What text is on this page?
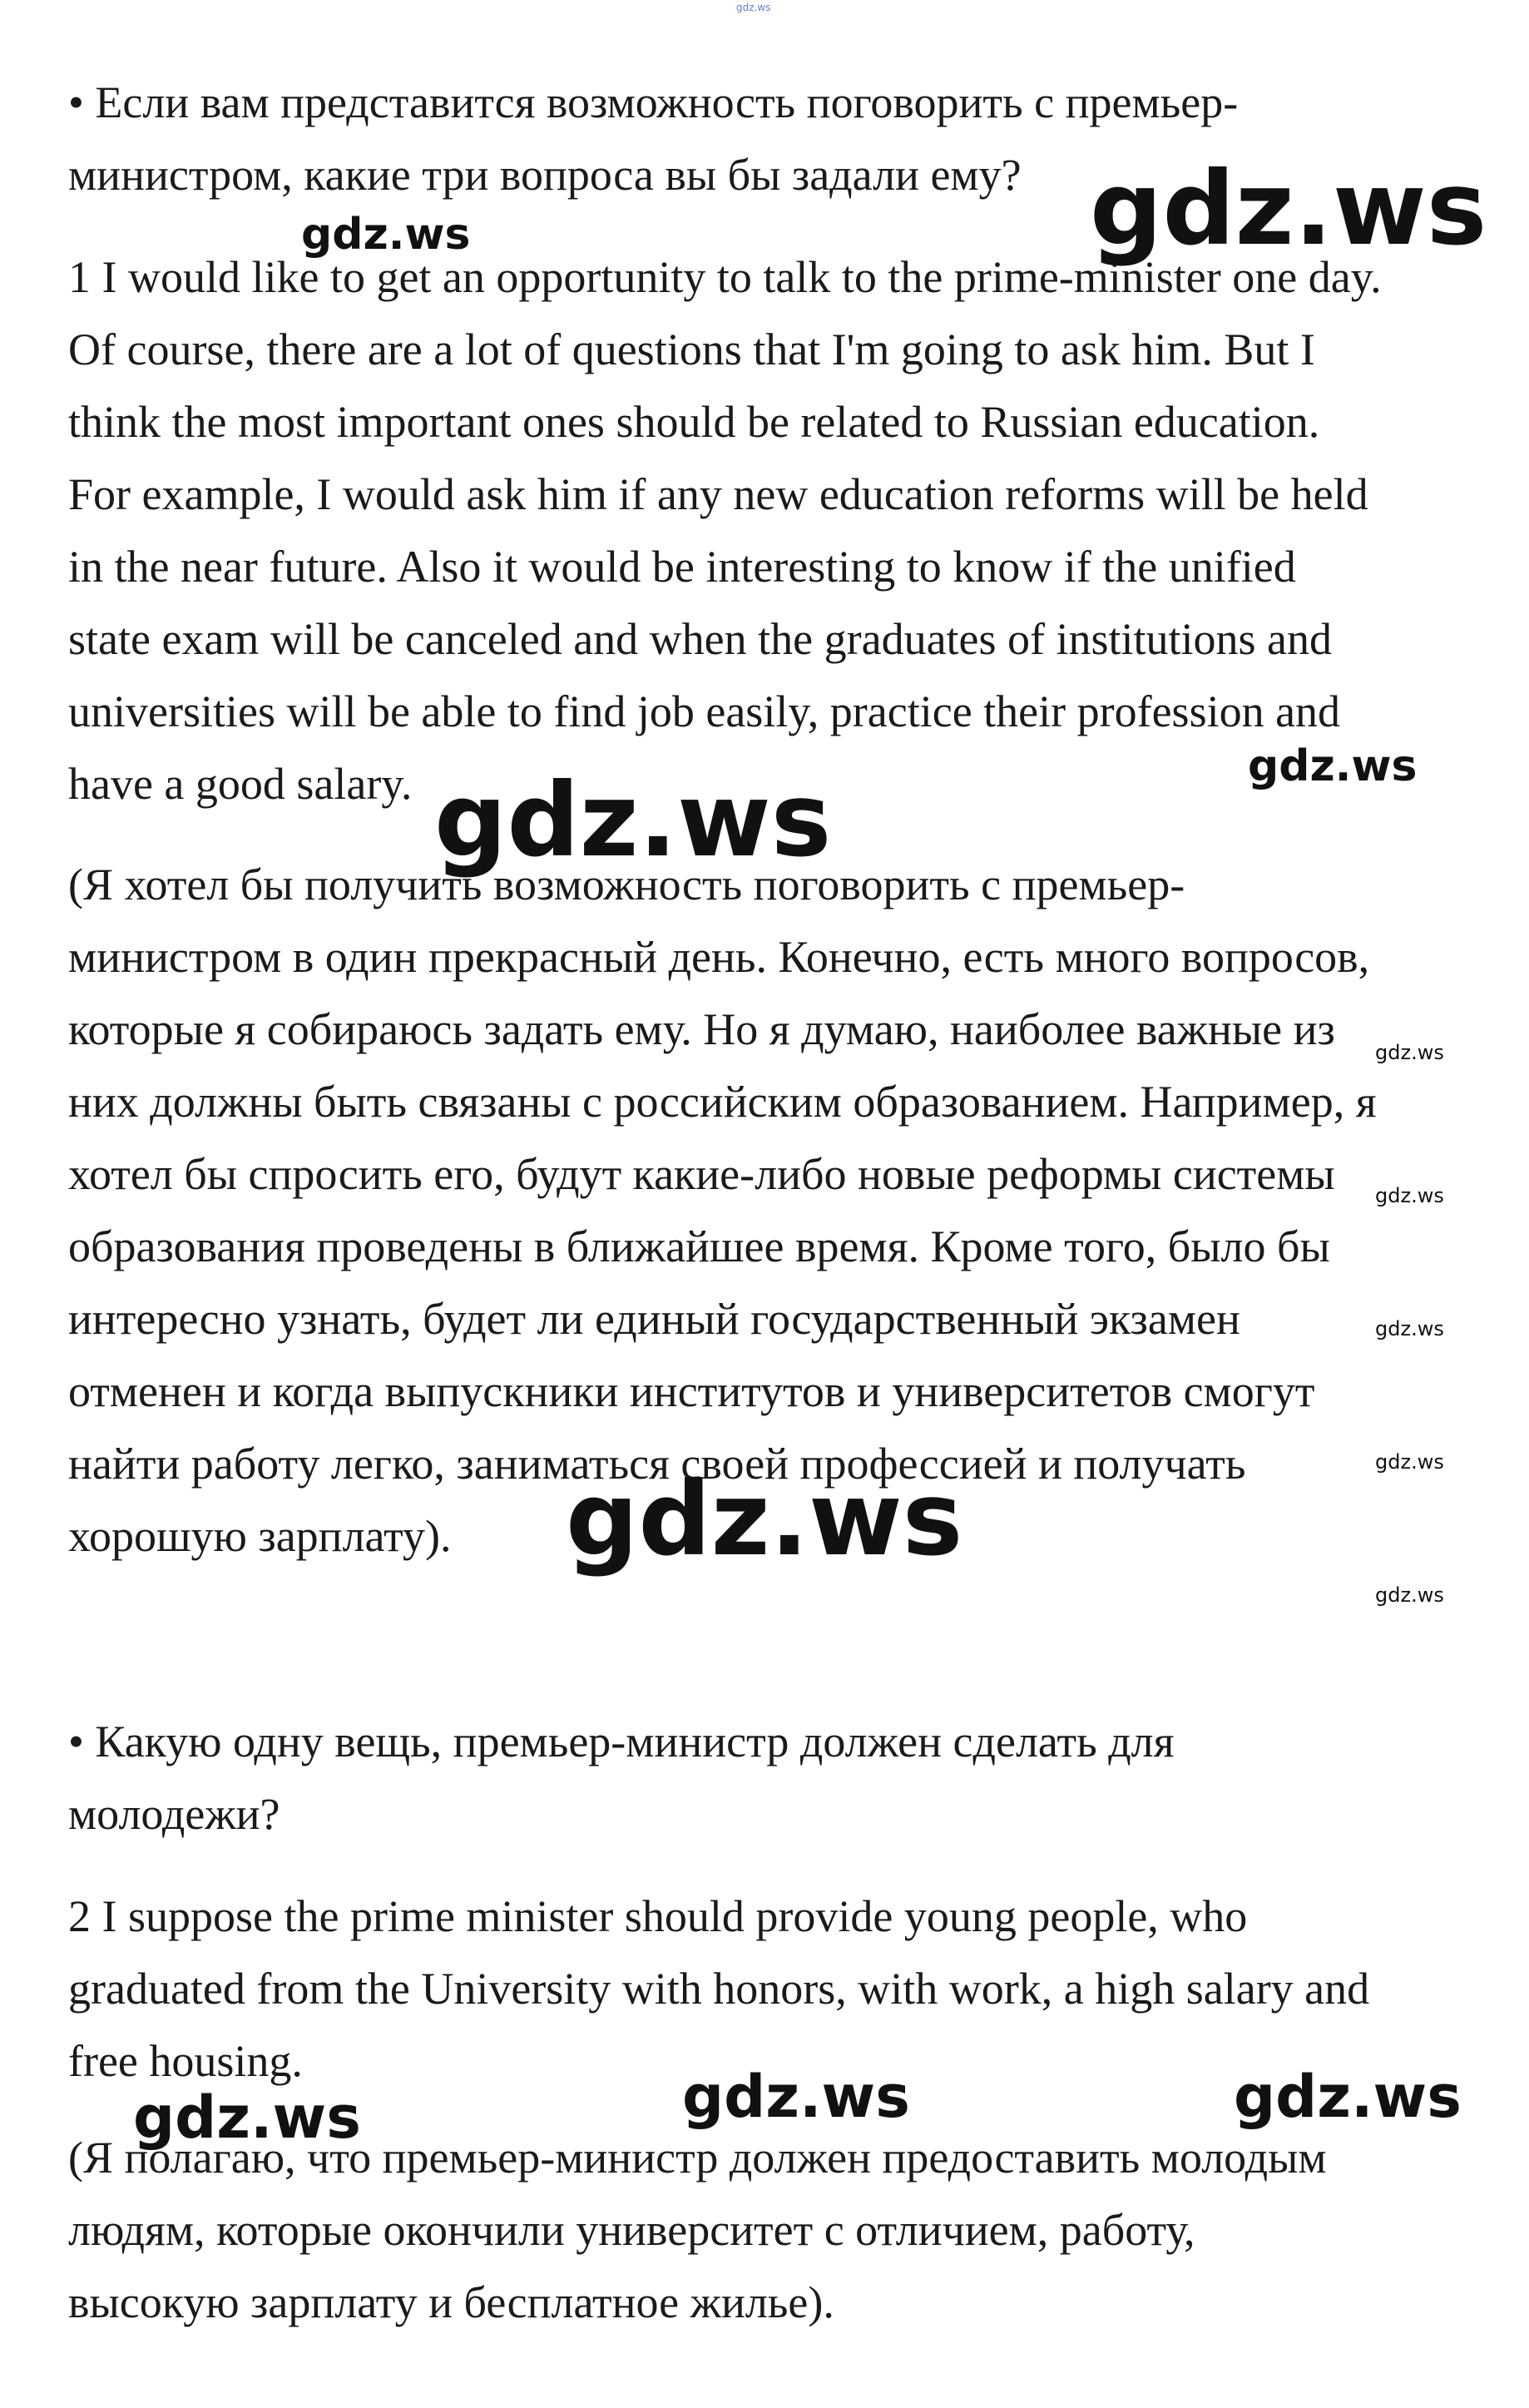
• Если вам представится возможность поговорить с премьер-
министром, какие три вопроса вы бы задали ему?

1 I would like to get an opportunity to talk to the prime-minister one day.
Of course, there are a lot of questions that I'm going to ask him. But I
think the most important ones should be related to Russian education.
For example, I would ask him if any new education reforms will be held
in the near future. Also it would be interesting to know if the unified
state exam will be canceled and when the graduates of institutions and
universities will be able to find job easily, practice their profession and
have a good salary.

(Я хотел бы получить возможность поговорить с премьер-
министром в один прекрасный день. Конечно, есть много вопросов,
которые я собираюсь задать ему. Но я думаю, наиболее важные из
них должны быть связаны с российским образованием. Например, я
хотел бы спросить его, будут какие-либо новые реформы системы
образования проведены в ближайшее время. Кроме того, было бы
интересно узнать, будет ли единый государственный экзамен
отменен и когда выпускники институтов и университетов смогут
найти работу легко, заниматься своей профессией и получать
хорошую зарплату).

• Какую одну вещь, премьер-министр должен сделать для
молодежи?

2 I suppose the prime minister should provide young people, who
graduated from the University with honors, with work, a high salary and
free housing.

(Я полагаю, что премьер-министр должен предоставить молодым
людям, которые окончили университет с отличием, работу,
высокую зарплату и бесплатное жилье).

gdz.ws
gdz.ws
gdz.ws
gdz.ws
gdz.ws
gdz.ws
gdz.ws
gdz.ws
gdz.ws	gdz.ws
gdz.ws
gdz.ws	gdz.ws	gdz.ws
